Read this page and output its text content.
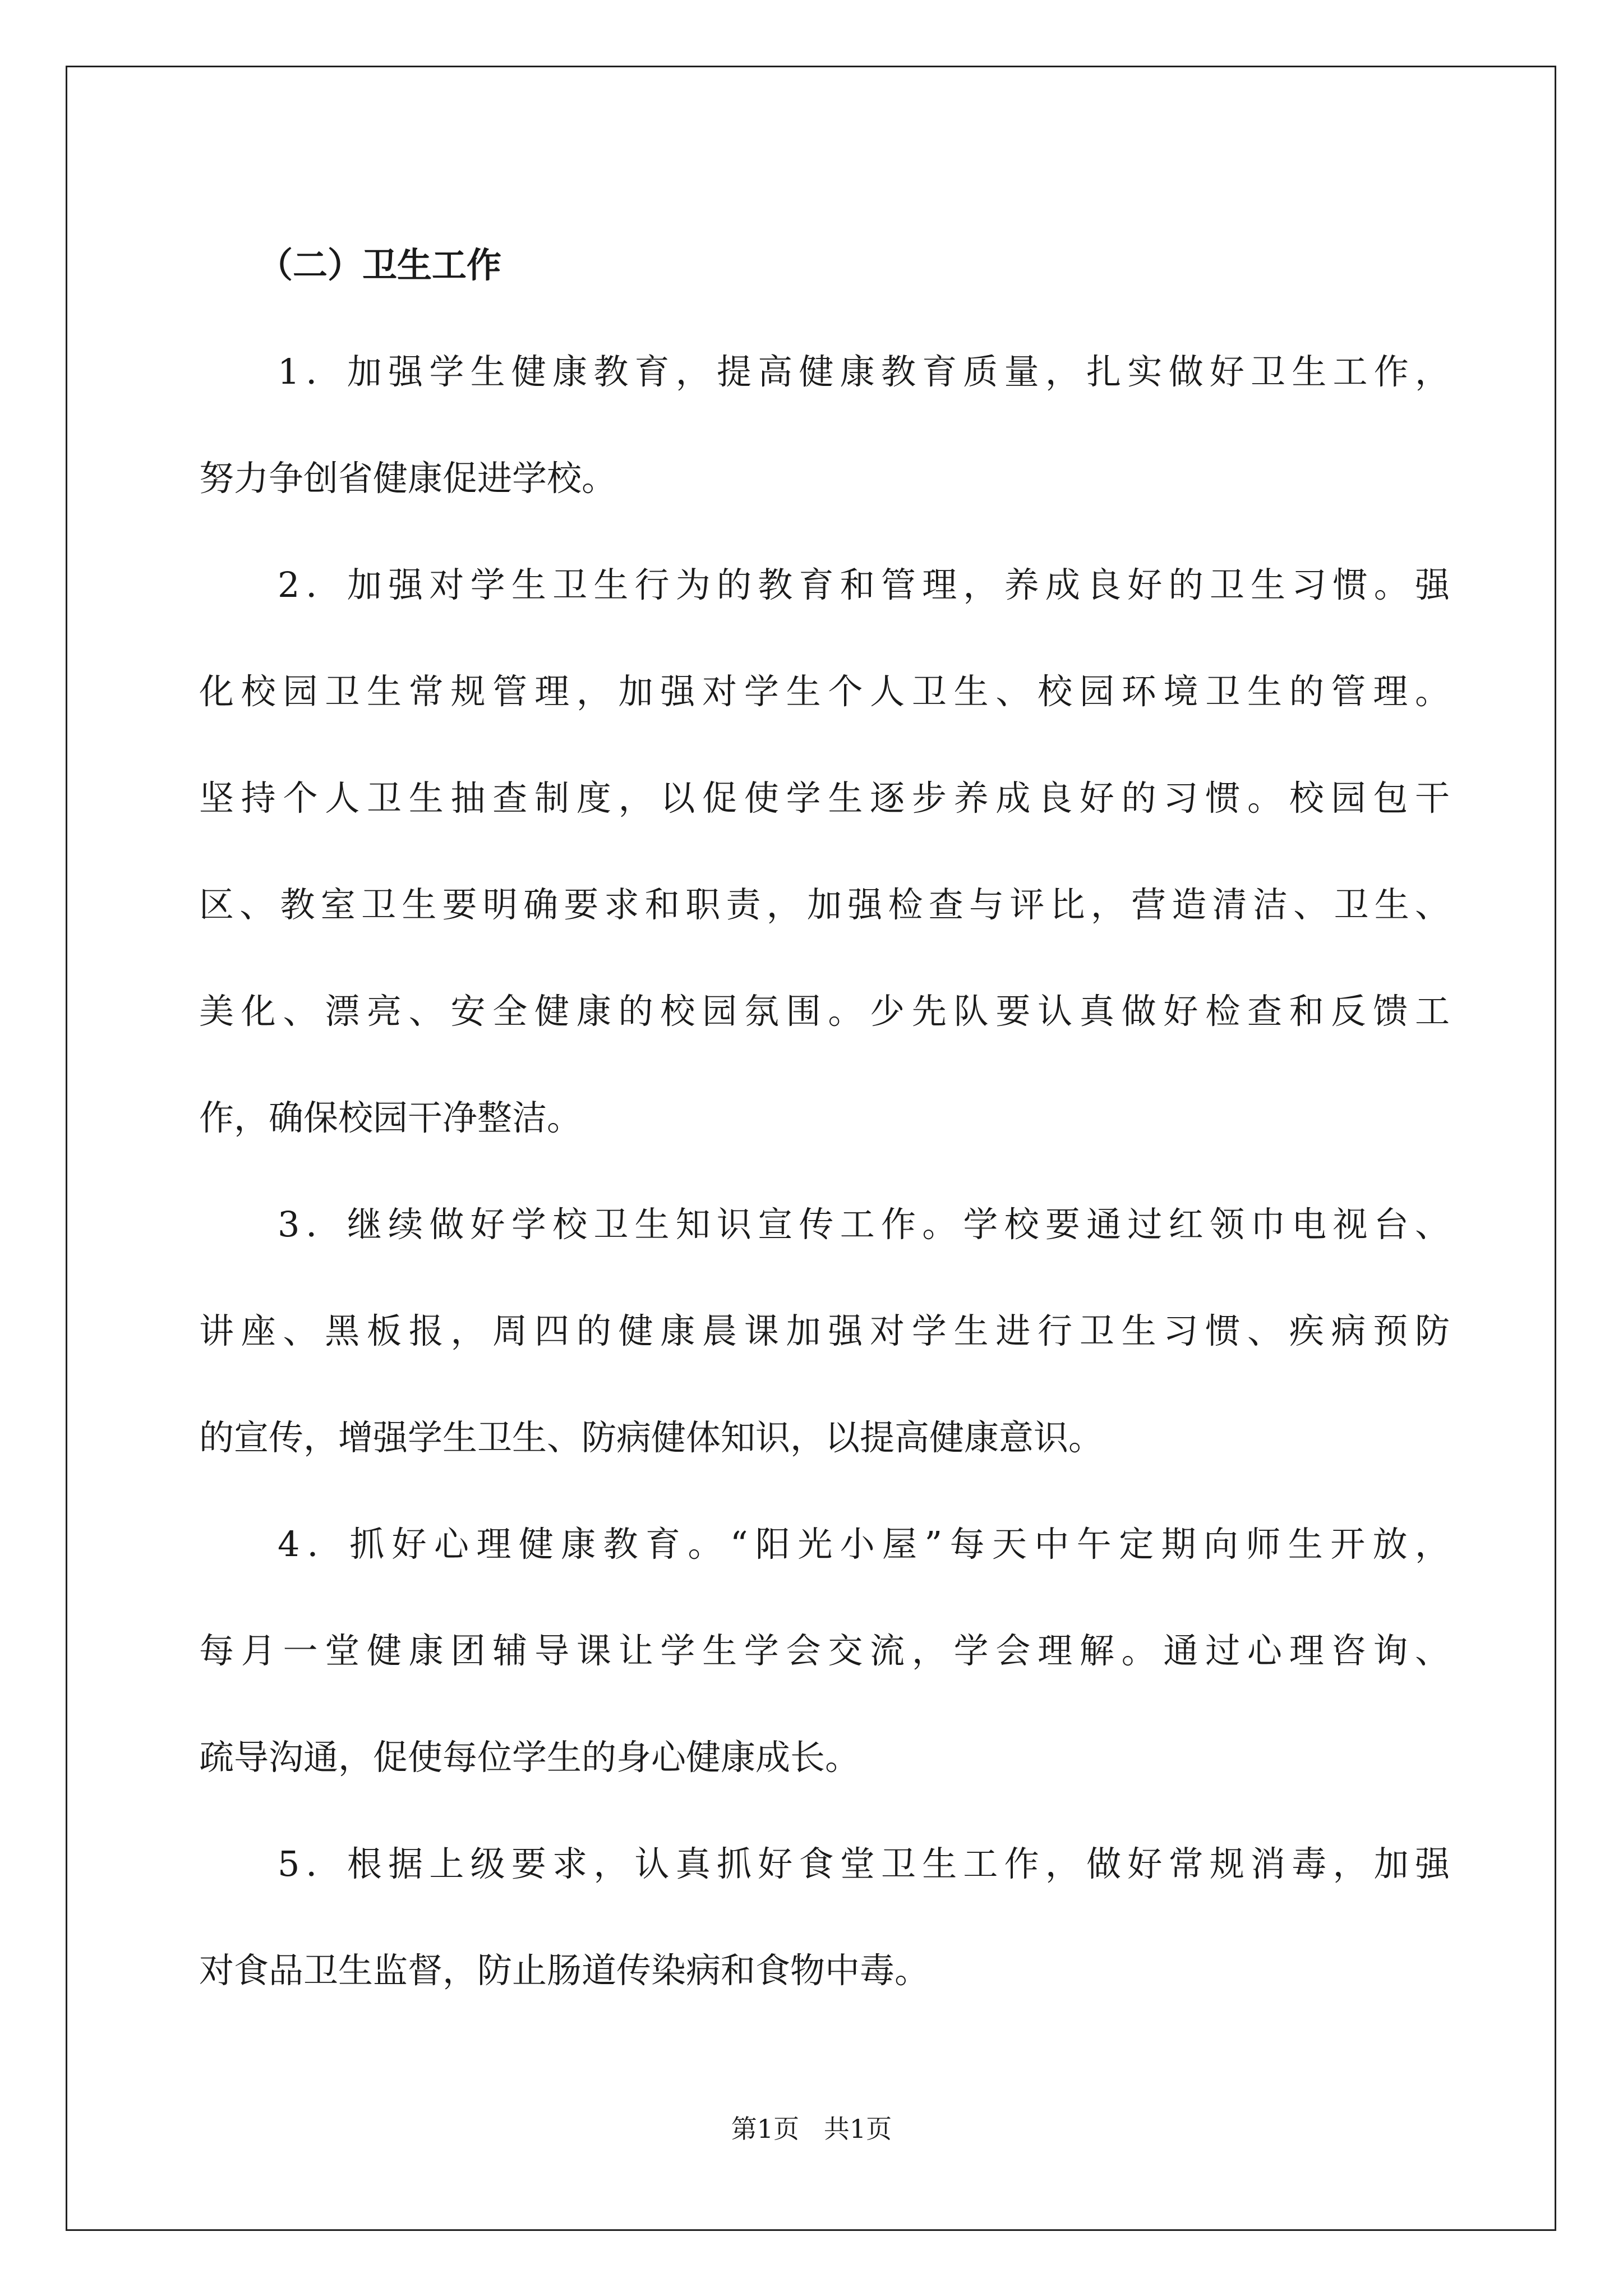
（二）卫生工作
1．加强学生健康教育，提高健康教育质量，扎实做好卫生工作，
努力争创省健康促进学校。
2．加强对学生卫生行为的教育和管理，养成良好的卫生习惯。强
化校园卫生常规管理，加强对学生个人卫生、校园环境卫生的管理。
坚持个人卫生抽查制度，以促使学生逐步养成良好的习惯。校园包干
区、教室卫生要明确要求和职责，加强检查与评比，营造清洁、卫生、
美化、漂亮、安全健康的校园氛围。少先队要认真做好检查和反馈工
作，确保校园干净整洁。
3．继续做好学校卫生知识宣传工作。学校要通过红领巾电视台、
讲座、黑板报，周四的健康晨课加强对学生进行卫生习惯、疾病预防
的宣传，增强学生卫生、防病健体知识，以提高健康意识。
4．抓好心理健康教育。“阳光小屋”每天中午定期向师生开放，
每月一堂健康团辅导课让学生学会交流，学会理解。通过心理咨询、
疏导沟通，促使每位学生的身心健康成长。
5．根据上级要求，认真抓好食堂卫生工作，做好常规消毒，加强
对食品卫生监督，防止肠道传染病和食物中毒。
第1页   共1页
